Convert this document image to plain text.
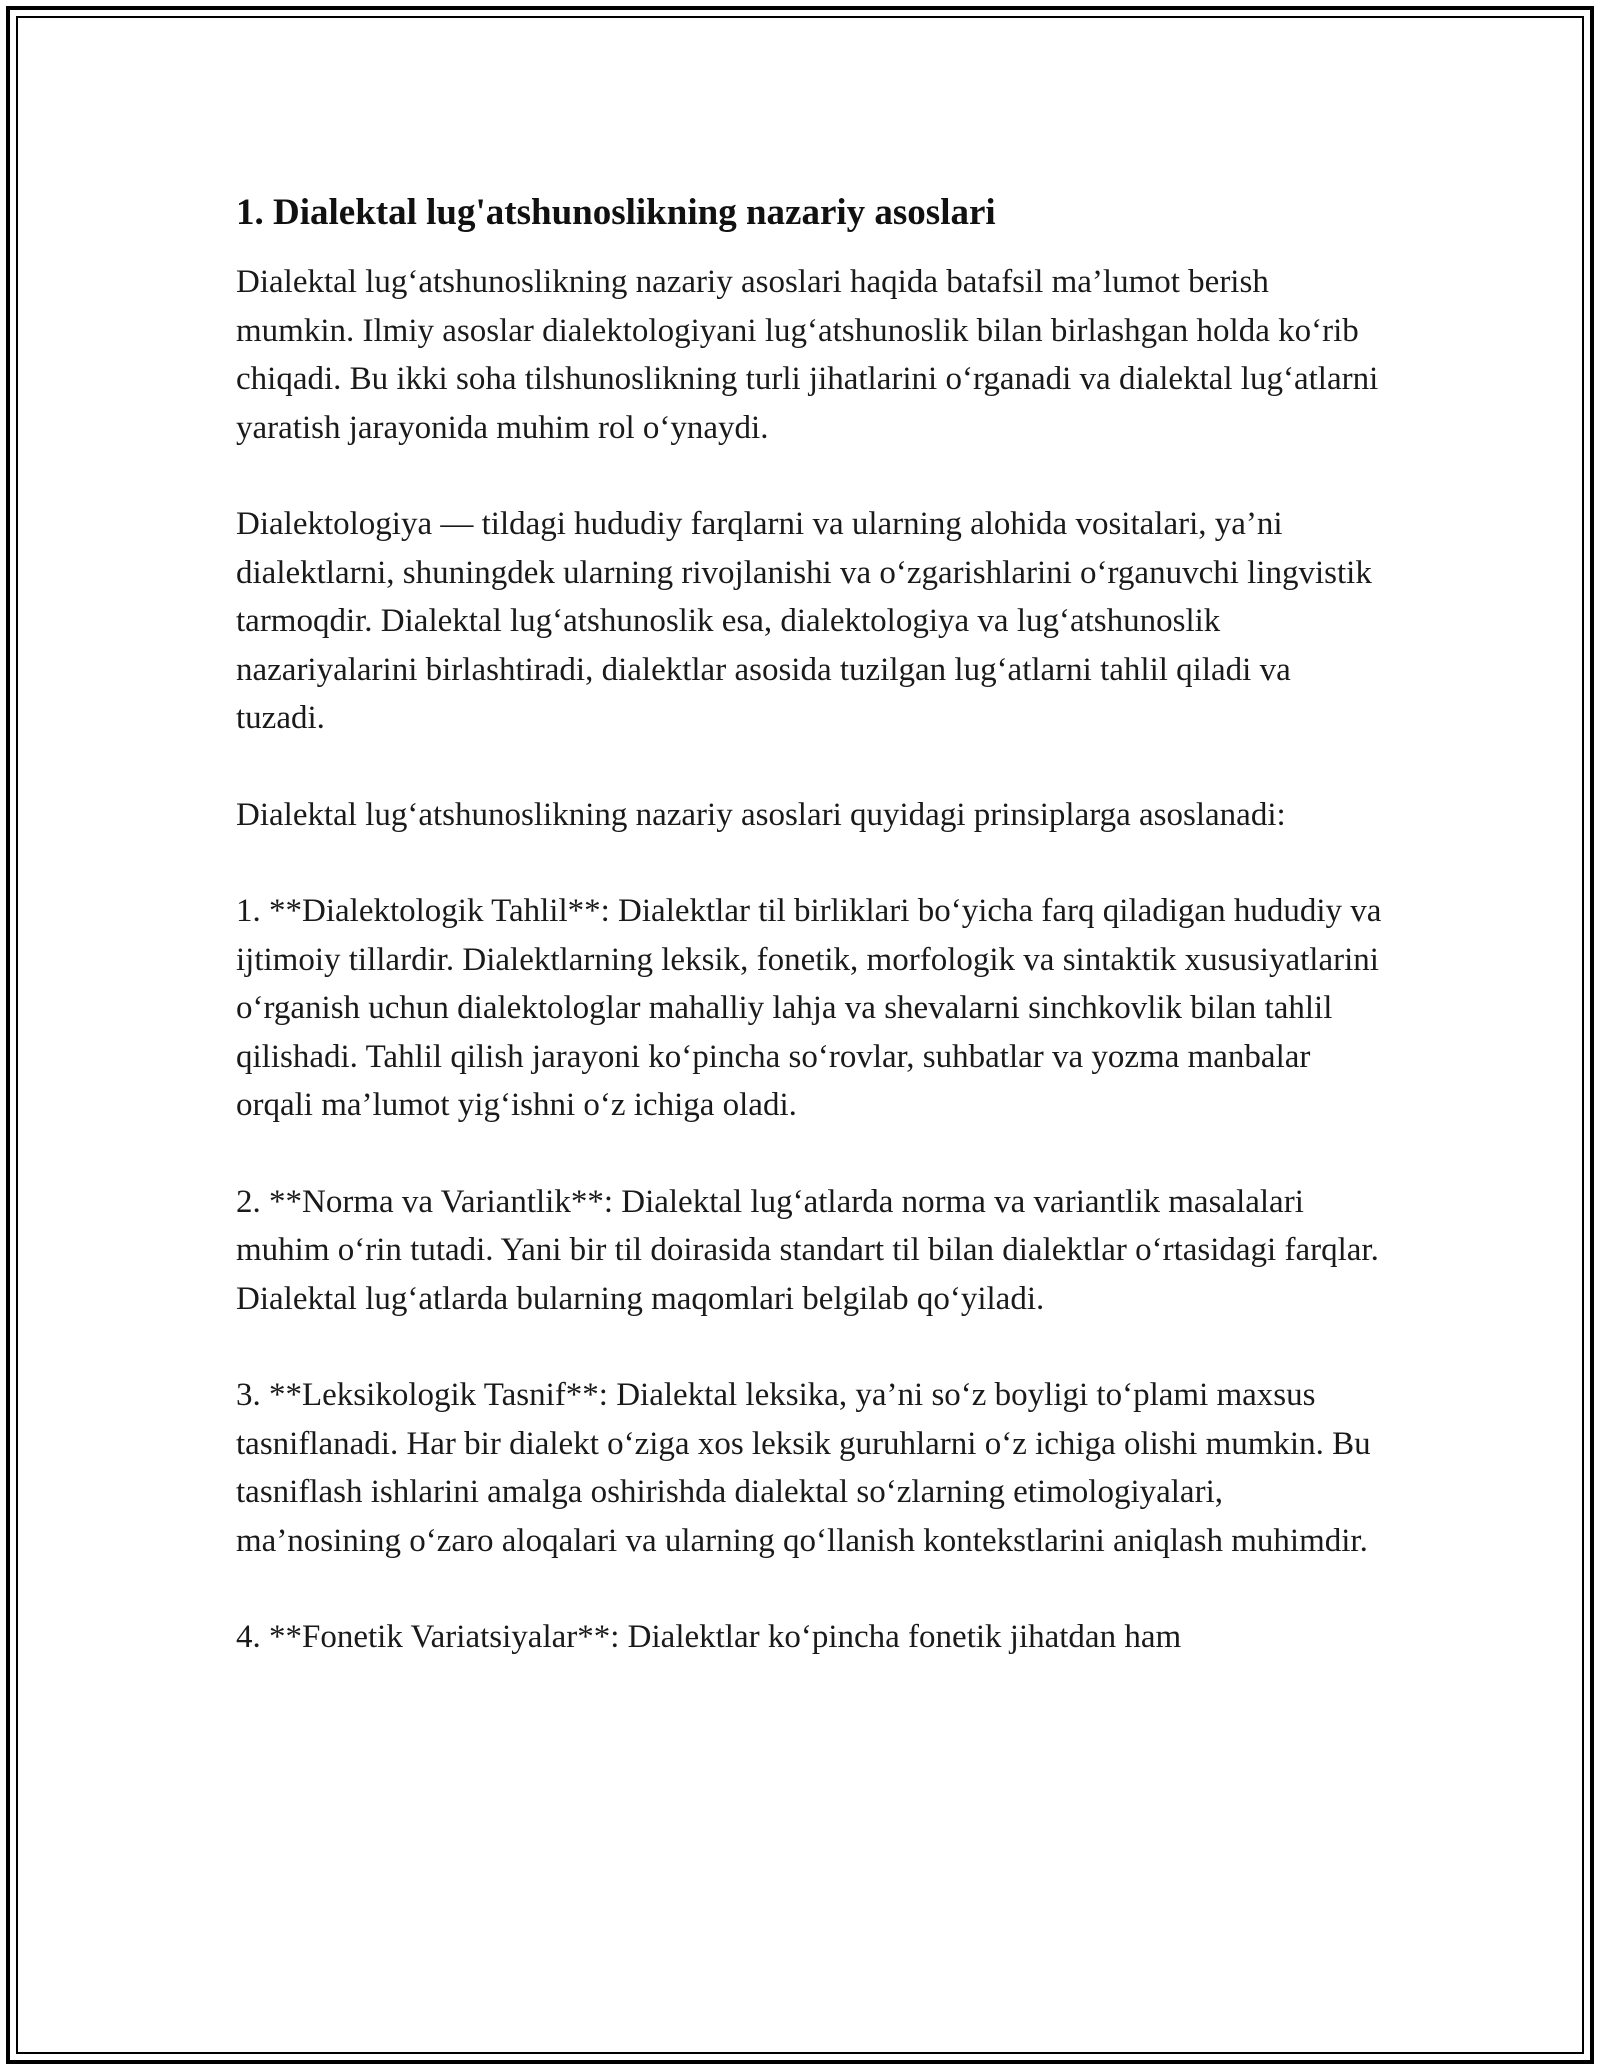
1. Dialektal lug'atshunoslikning nazariy asoslari

Dialektal lug‘atshunoslikning nazariy asoslari haqida batafsil ma’lumot berish mumkin. Ilmiy asoslar dialektologiyani lug‘atshunoslik bilan birlashgan holda ko‘rib chiqadi. Bu ikki soha tilshunoslikning turli jihatlarini o‘rganadi va dialektal lug‘atlarni yaratish jarayonida muhim rol o‘ynaydi.

Dialektologiya — tildagi hududiy farqlarni va ularning alohida vositalari, ya’ni dialektlarni, shuningdek ularning rivojlanishi va o‘zgarishlarini o‘rganuvchi lingvistik tarmoqdir. Dialektal lug‘atshunoslik esa, dialektologiya va lug‘atshunoslik nazariyalarini birlashtiradi, dialektlar asosida tuzilgan lug‘atlarni tahlil qiladi va tuzadi.

Dialektal lug‘atshunoslikning nazariy asoslari quyidagi prinsiplarga asoslanadi:

1. **Dialektologik Tahlil**: Dialektlar til birliklari bo‘yicha farq qiladigan hududiy va ijtimoiy tillardir. Dialektlarning leksik, fonetik, morfologik va sintaktik xususiyatlarini o‘rganish uchun dialektologlar mahalliy lahja va shevalarni sinchkovlik bilan tahlil qilishadi. Tahlil qilish jarayoni ko‘pincha so‘rovlar, suhbatlar va yozma manbalar orqali ma’lumot yig‘ishni o‘z ichiga oladi.

2. **Norma va Variantlik**: Dialektal lug‘atlarda norma va variantlik masalalari muhim o‘rin tutadi. Yani bir til doirasida standart til bilan dialektlar o‘rtasidagi farqlar. Dialektal lug‘atlarda bularning maqomlari belgilab qo‘yiladi.

3. **Leksikologik Tasnif**: Dialektal leksika, ya’ni so‘z boyligi to‘plami maxsus tasniflanadi. Har bir dialekt o‘ziga xos leksik guruhlarni o‘z ichiga olishi mumkin. Bu tasniflash ishlarini amalga oshirishda dialektal so‘zlarning etimologiyalari, ma’nosining o‘zaro aloqalari va ularning qo‘llanish kontekstlarini aniqlash muhimdir.

4. **Fonetik Variatsiyalar**: Dialektlar ko‘pincha fonetik jihatdan ham
